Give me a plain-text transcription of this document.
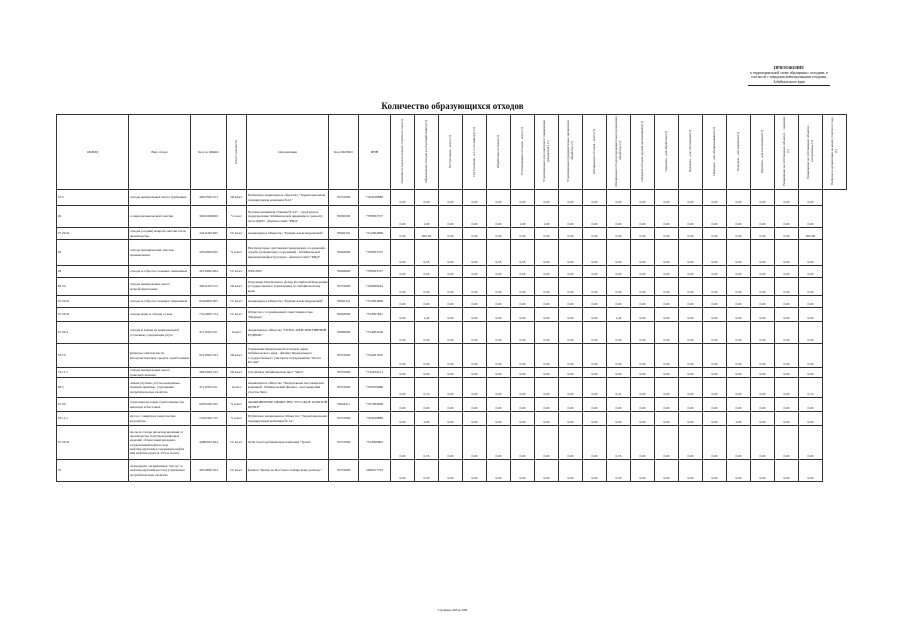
ПРИЛОЖЕНИЕ
к территориальной схеме обращения с отходами, в
том числе с твердыми коммунальными отходами,
Забайкальского края
Количество образующихся отходов
ОКВЭД	Вид отхода	Код по ФККО	Класс опасности	Организация	Код ОКТМО	ИНН	Наличие отходов на начало отчетного года (т)	Образование отходов за отчетный период (т)	Поступление - всего (т)	Поступление - в т.ч. по импорту (т)	Обработано отходов (т)	Утилизировано отходов - всего (т)	Утилизировано для повторного применения (рециклинг) (т)	Утилизировано предварительно прошедших обработку (т)	Обезврежено отходов - всего (т)	Обезврежено отходов предварительно прошедших обработку (т)	Передача отходов другим организациям (т)	Передача - для обработки (т)	Передача - для утилизации (т)	Передача - для обезвреживания (т)	Передача - для хранения (т)	Передача - для захоронения (т)	Размещение на собственных объектах - хранение (т)	Размещение на собственных объектах - захоронение (т)	Наличие в организации на конец отчетного года (т)
35.3	отходы минеральных масел турбинных	40617001313	III класс	Публичное акционерное общество "Территориальная генерирующая компания №14"	76701000	7534018889	0,00	0,20	0,00	0,00	0,00	0,00	0,00	0,00	0,00	0,00	0,00	0,00	0,00	0,00	0,00	0,00	0,00	0,00	
49	осадки механической очистки	30221000000	V класс	Путевая машинная станция № 247 - структурное подразделение Забайкальской дирекции по ремонту пути ЦДРП - филиала ОАО "РЖД"	76650000	7708503727	0,00	1,00	0,00	0,00	0,00	1,00	1,00	0,00	0,00	0,00	0,00	0,00	0,00	0,00	0,00	0,00	0,00	0,00	
07.29.41	отходы (осадки) мокрой очистки газов производства	22411001395	IV класс	Акционерное Общество "Рудник Александровский"	76626101	7512004969	0,00	295,30	0,00	0,00	0,00	0,00	0,00	0,00	0,00	0,00	0,00	0,00	0,00	0,00	0,00	0,00	0,00	295,00	
49	отходы механической очистки промывочных	30522002235	V класс	Мосгипротранс дистанции гражданских сооружений - служба гражданских сооружений - Забайкальской дирекции инфраструктуры - филиала ОАО "РЖД"	76626000	7708503727	0,00	0,05	0,00	0,00	0,05	0,05	0,00	0,00	0,00	0,00	0,00	0,00	0,00	0,00	0,00	0,00	0,00	0,00	
49	отходы и отбросы сложных смешанных	41910001204	IV класс	ЗПЧ-2ПЧ	76626000	7708503727	0,00	0,05	0,00	0,00	0,00	0,05	0,00	0,00	0,00	0,00	0,00	0,00	0,00	0,00	0,00	0,00	0,00	0,00	
84.30	отходы минеральных масел трансформаторных	40611001313	III класс	Отделение Пенсионного фонда Российской Федерации (государственное учреждение) по Забайкальскому краю	76701000	7536008244	0,00	0,00	0,00	0,00	0,00	0,00	0,00	0,00	0,00	0,00	0,00	0,00	0,00	0,00	0,00	0,00	0,00	0,00	
07.29.41	отходы и отбросы сложных смешанных	91920001205	IV класс	Акционерное Общество "Рудник Александровский"	76626101	7512004969	0,00	0,00	0,00	0,00	0,00	0,00	0,00	0,00	0,00	0,00	0,00	0,00	0,00	0,00	0,00	0,00	0,00	0,00	
07.29.41	отходы кожи и отходы от кож	73210001724	IV класс	Общество с ограниченной ответственностью "Медведь"	76626000	7514007841	0,00	1,42	0,00	0,00	0,00	0,00	0,00	0,00	0,00	1,42	0,00	0,00	0,00	0,00	0,00	0,00	0,00	0,00	
07.29.4	отходы и лампы из коммунальной установки, содержащие ртуть	47110101521	I класс	Акционерное общество "ГКЗОС-ПЕРСПЕКТИВНЫЙ РУДНИК"	76606000	7514004106	0,00	0,00	0,00	0,00	0,00	0,00	0,00	0,00	0,00	0,00	0,00	0,00	0,00	0,00	0,00	0,00	0,00	0,00	
53.10	фильтры очистки масла автотранспортных средств отработанные	92130201523	III класс	Управление Федеральной почтовой связи Забайкальского края - филиал Федерального государственного унитарного предприятия "Почта России"	76701000	7724261610	0,00	0,50	0,00	0,00	0,00	0,00	0,00	0,00	0,00	0,50	0,00	0,00	0,00	0,00	0,00	0,00	0,00	0,00	
72.11.1	отходы минеральных масел трансмиссионных	40615001313	III класс	Стройсвязь Забайкальская дист "Чита"	76701000	7734254151	0,00	0,00	0,00	0,00	0,00	0,00	0,00	0,00	0,00	0,00	0,00	0,00	0,00	0,00	0,00	0,00	0,00	0,00	
49.5	лампы ртутные, ртутно-кварцевые, люминесцентные, утратившие потребительские свойства	47110101521	I класс	Акционерное общество "Федеральная пассажирская компания" Забайкальский филиал - пассажирский участок Чита	76701000	7708709686	0,00	0,13	0,00	0,00	0,00	0,00	0,00	0,00	0,00	0,21	0,00	0,00	0,00	0,00	0,00	0,00	0,00	0,13	
07.29	тормозные колодки отработанные без накладок асбестовых	92031001525	V класс	АКЦИОНЕРНОЕ ОБЩЕСТВО "РУССКОЕ ЗОЛОТОЙ ЦЕНТР"	76604411	7707064069	0,00	0,00	0,00	0,00	0,00	0,00	0,00	0,00	0,00	0,00	0,00	0,00	0,00	0,00	0,00	0,00	0,00	0,00	
35.11.1	мусор с защитных решеток при водозаборе	72101001715	V класс	Публичное Акционерное Общество "Территориальная генерирующая компания № 14"	76701000	7534018889	0,00	2,00	0,00	0,00	0,00	0,00	0,00	0,00	0,00	0,00	0,00	0,00	0,00	0,00	2,00	0,00	0,00	0,00	
07.29.41	песок и отходы диоксида кремния от производства полупроводниковых изделий; обтирочный материал, загрязненный нефтью или нефтепродуктами (содержание нефти или нефтепродуктов 15% и более)	44800101294	IV класс	ООО Золотодобывающая компания "Урюм"	76701000	7512000863	0,00	0,55	0,00	0,00	0,00	0,00	0,00	0,00	0,00	0,55	0,00	0,00	0,00	0,00	0,00	0,00	0,00	0,00	
70	спецодежда, загрязненная "мусор" и нефтепродуктами (песок) утратившая потребительские свойства	40310001524	IV класс	филиал "Центр по Восточно-Сибирскому региону"	76701000	5406017703	0,00	0,50	0,00	0,00	0,00	0,00	0,00	0,00	0,00	0,50	0,00	0,00	0,00	0,00	0,00	0,00	0,00	0,00	
Страница 465 из 699
